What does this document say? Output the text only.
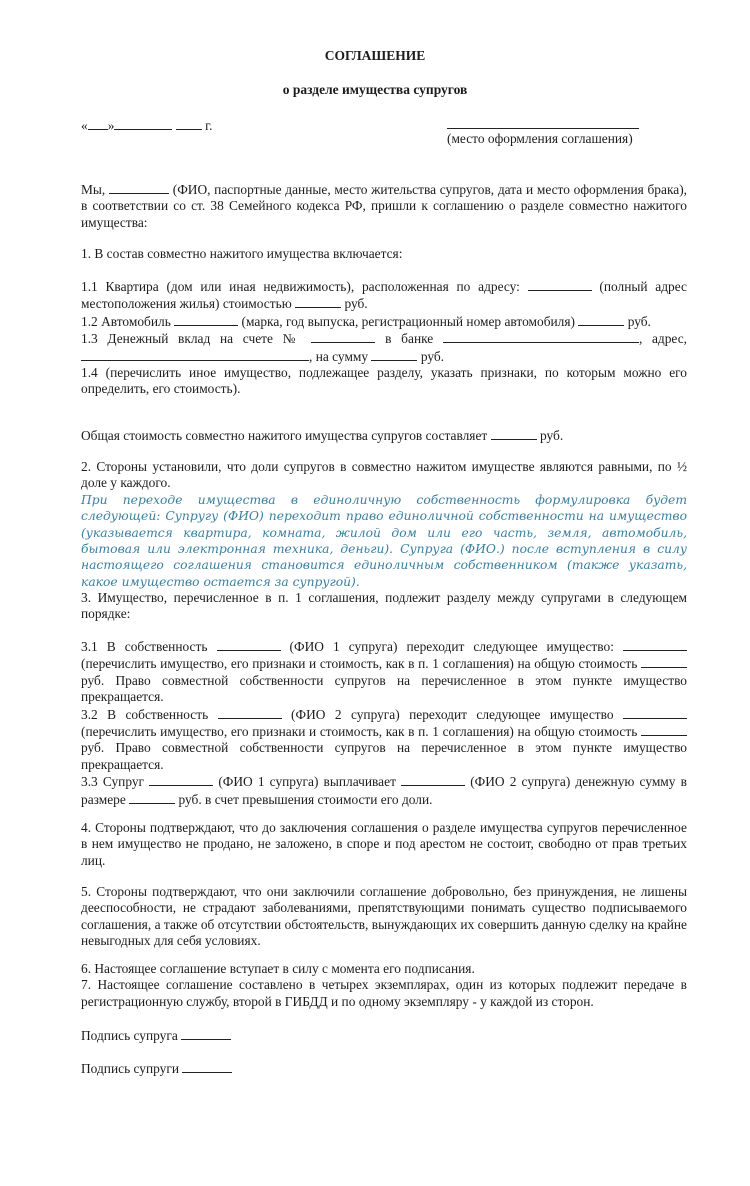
СОГЛАШЕНИЕ
о разделе имущества супругов
« »	г.
(место оформления соглашения)

Мы,	(ФИО, паспортные данные, место жительства супругов, дата и место оформления брака), в соответствии со ст. 38 Семейного кодекса РФ, пришли к соглашению о разделе совместно нажитого имущества:

1. В состав совместно нажитого имущества включается:

1.1 Квартира (дом или иная недвижимость), расположенная по адресу:	(полный адрес местоположения жилья) стоимостью	руб.

1.2 Автомобиль	(марка, год выпуска, регистрационный номер автомобиля)	руб.

1.3 Денежный вклад на счете №	в банке	, адрес, , на сумму	руб.

1.4 (перечислить иное имущество, подлежащее разделу, указать признаки, по которым можно его определить, его стоимость).

Общая стоимость совместно нажитого имущества супругов составляет	руб.

2. Стороны установили, что доли супругов в совместно нажитом имуществе являются равными, по ½ доле у каждого.

При переходе имущества в единоличную собственность формулировка будет следующей: Супругу (ФИО) переходит право единоличной собственности на имущество (указывается квартира, комната, жилой дом или его часть, земля, автомобиль, бытовая или электронная техника, деньги). Супруга (ФИО.) после вступления в силу настоящего соглашения становится единоличным собственником (также указать, какое имущество остается за супругой).

3. Имущество, перечисленное в п. 1 соглашения, подлежит разделу между супругами в следующем порядке:

3.1 В собственность	(ФИО 1 супруга) переходит следующее имущество:  (перечислить имущество, его признаки и стоимость, как в п. 1 соглашения) на общую стоимость  руб. Право совместной собственности супругов на перечисленное в этом пункте имущество прекращается.

3.2 В собственность	(ФИО 2 супруга) переходит следующее имущество  (перечислить имущество, его признаки и стоимость, как в п. 1 соглашения) на общую стоимость  руб. Право совместной собственности супругов на перечисленное в этом пункте имущество прекращается.

3.3 Супруг	(ФИО 1 супруга) выплачивает	(ФИО 2 супруга) денежную сумму в размере	руб. в счет превышения стоимости его доли.

4. Стороны подтверждают, что до заключения соглашения о разделе имущества супругов перечисленное в нем имущество не продано, не заложено, в споре и под арестом не состоит, свободно от прав третьих лиц.
5. Стороны подтверждают, что они заключили соглашение добровольно, без принуждения, не лишены дееспособности, не страдают заболеваниями, препятствующими понимать существо подписываемого соглашения, а также об отсутствии обстоятельств, вынуждающих их совершить данную сделку на крайне невыгодных для себя условиях.

6. Настоящее соглашение вступает в силу с момента его подписания.

7. Настоящее соглашение составлено в четырех экземплярах, один из которых подлежит передаче в регистрационную службу, второй в ГИБДД и по одному экземпляру - у каждой из сторон.

Подпись супруга
Подпись супруги
